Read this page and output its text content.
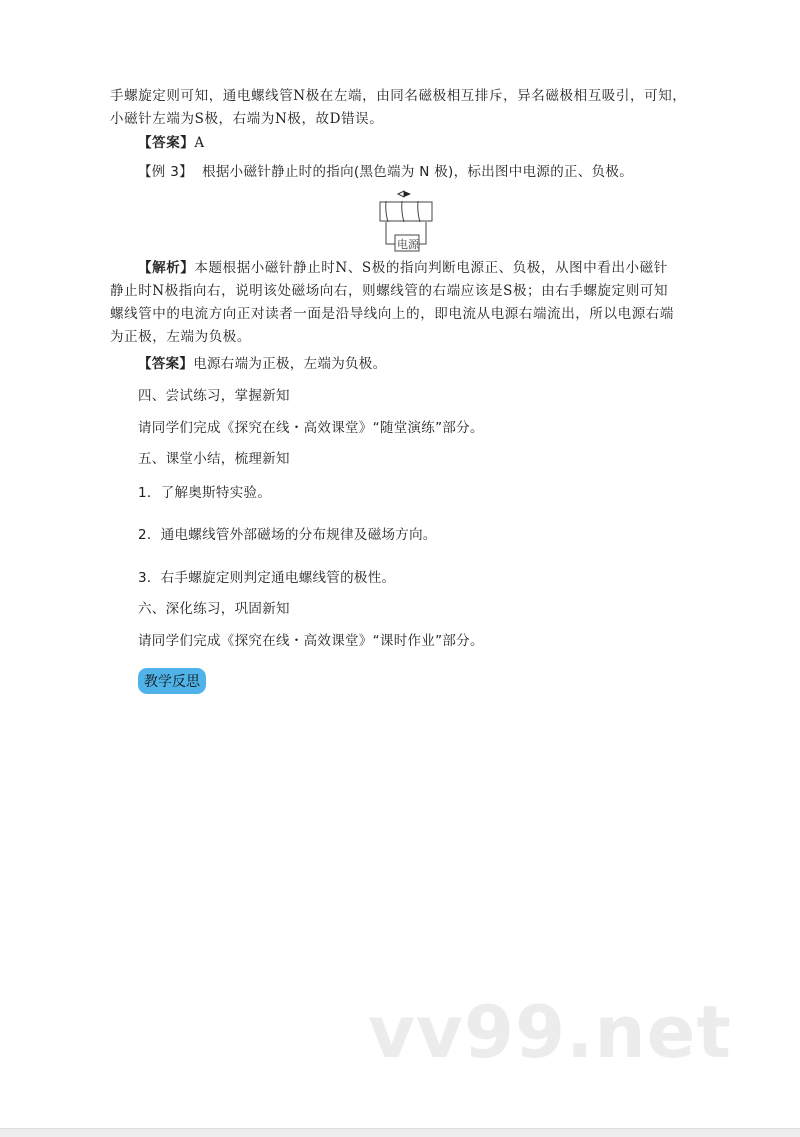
手螺旋定则可知，通电螺线管N极在左端，由同名磁极相互排斥，异名磁极相互吸引，可知，
小磁针左端为S极，右端为N极，故D错误。
【答案】A
【例 3】 根据小磁针静止时的指向(黑色端为 N 极)，标出图中电源的正、负极。
电源
【解析】本题根据小磁针静止时N、S极的指向判断电源正、负极，从图中看出小磁针
静止时N极指向右，说明该处磁场向右，则螺线管的右端应该是S极；由右手螺旋定则可知
螺线管中的电流方向正对读者一面是沿导线向上的，即电流从电源右端流出，所以电源右端
为正极，左端为负极。
【答案】电源右端为正极，左端为负极。
四、尝试练习，掌握新知
请同学们完成《探究在线・高效课堂》“随堂演练”部分。
五、课堂小结，梳理新知
1．了解奥斯特实验。
2．通电螺线管外部磁场的分布规律及磁场方向。
3．右手螺旋定则判定通电螺线管的极性。
六、深化练习，巩固新知
请同学们完成《探究在线・高效课堂》“课时作业”部分。
教学反思
vv99.net
